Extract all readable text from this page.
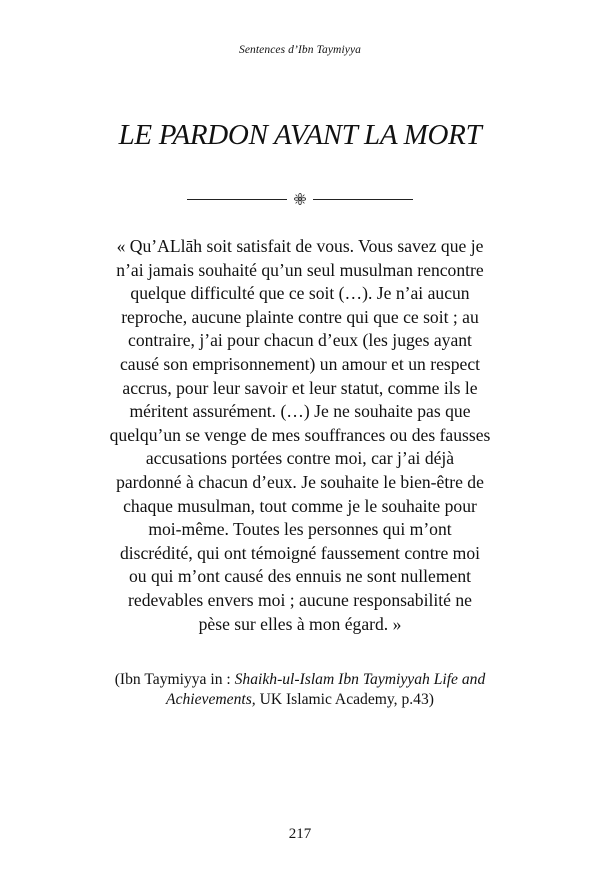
Sentences d’Ibn Taymiyya
LE PARDON AVANT LA MORT
« Qu’ALlāh soit satisfait de vous. Vous savez que je
n’ai jamais souhaité qu’un seul musulman rencontre
quelque difficulté que ce soit (…). Je n’ai aucun
reproche, aucune plainte contre qui que ce soit ; au
contraire, j’ai pour chacun d’eux (les juges ayant
causé son emprisonnement) un amour et un respect
accrus, pour leur savoir et leur statut, comme ils le
méritent assurément. (…) Je ne souhaite pas que
quelqu’un se venge de mes souffrances ou des fausses
accusations portées contre moi, car j’ai déjà
pardonné à chacun d’eux. Je souhaite le bien-être de
chaque musulman, tout comme je le souhaite pour
moi-même. Toutes les personnes qui m’ont
discrédité, qui ont témoigné faussement contre moi
ou qui m’ont causé des ennuis ne sont nullement
redevables envers moi ; aucune responsabilité ne
pèse sur elles à mon égard. »
(Ibn Taymiyya in : Shaikh-ul-Islam Ibn Taymiyyah Life and
Achievements, UK Islamic Academy, p.43)
217
